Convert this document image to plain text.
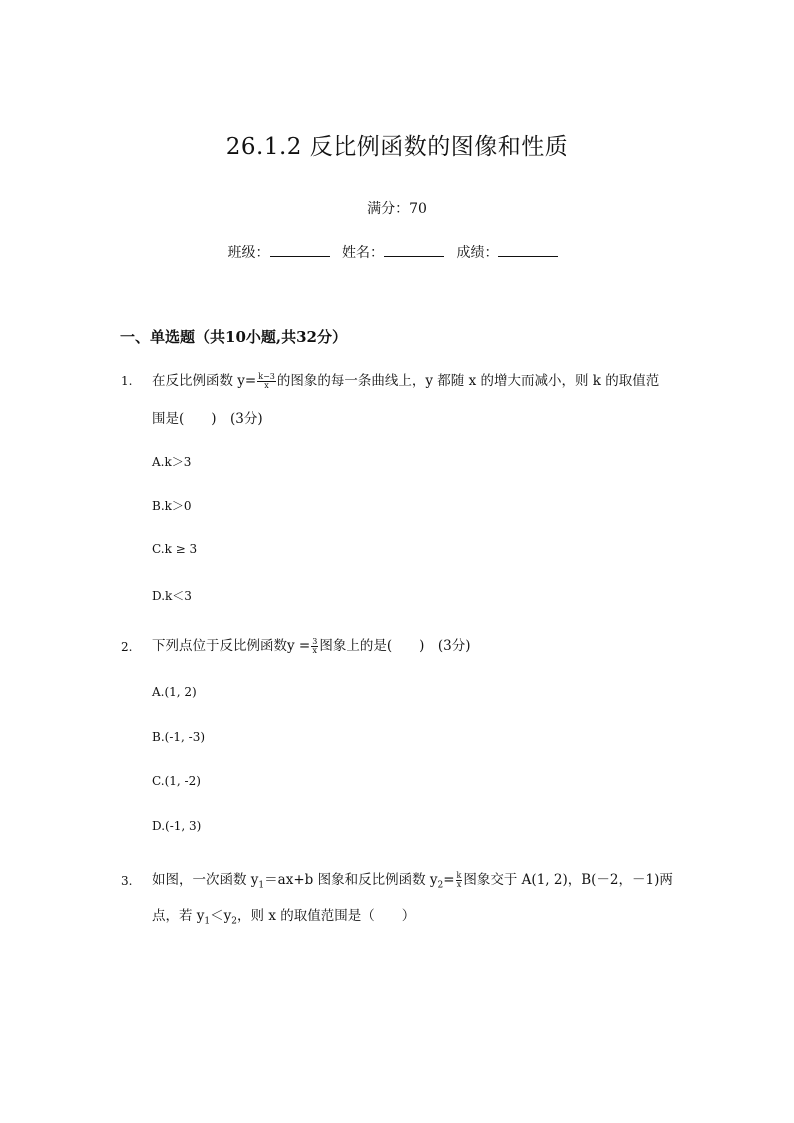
26.1.2 反比例函数的图像和性质
满分：70
班级：	姓名：	成绩：
一、单选题（共10小题,共32分）
1. 在反比例函数 $y= \frac{k-3}{x}$ 的图象的每一条曲线上，y 都随 x 的增大而减小，则 k 的取值范
围是(　　)　(3分)
A.k＞3
B.k＞0
C.k ≥ 3
D.k＜3
2. 下列点位于反比例函数$y = \frac{3}{x}$ 图象上的是(　　)　(3分)
A.(1, 2)
B.(-1, -3)
C.(1, -2)
D.(-1, 3)
3. 如图，一次函数 $y_1=ax+b$ 图象和反比例函数 $y_2= \frac{k}{x}$ 图象交于 A(1, 2)，B(－2，－1)两
点，若 $y_1<y_2$，则 x 的取值范围是（　　）
